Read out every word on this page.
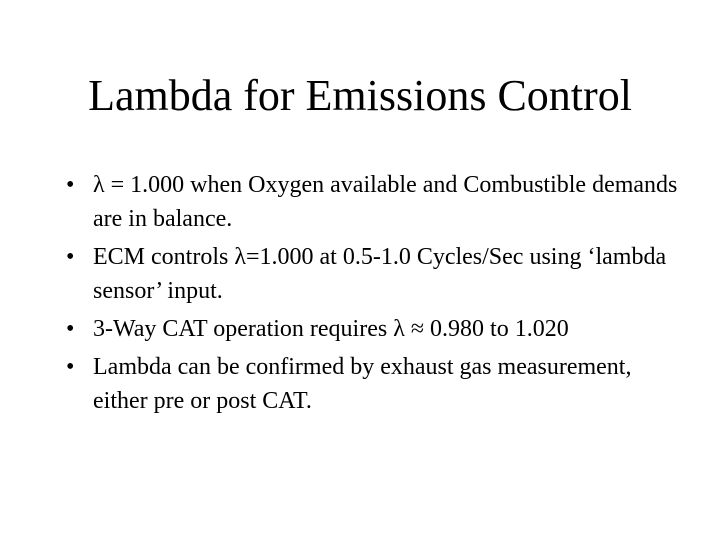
Lambda for Emissions Control
• λ = 1.000 when Oxygen available and Combustible demands are in balance.
• ECM controls λ=1.000 at 0.5-1.0 Cycles/Sec using ‘lambda sensor’ input.
• 3-Way CAT operation requires λ ≈ 0.980 to 1.020
• Lambda can be confirmed by exhaust gas measurement, either pre or post CAT.
